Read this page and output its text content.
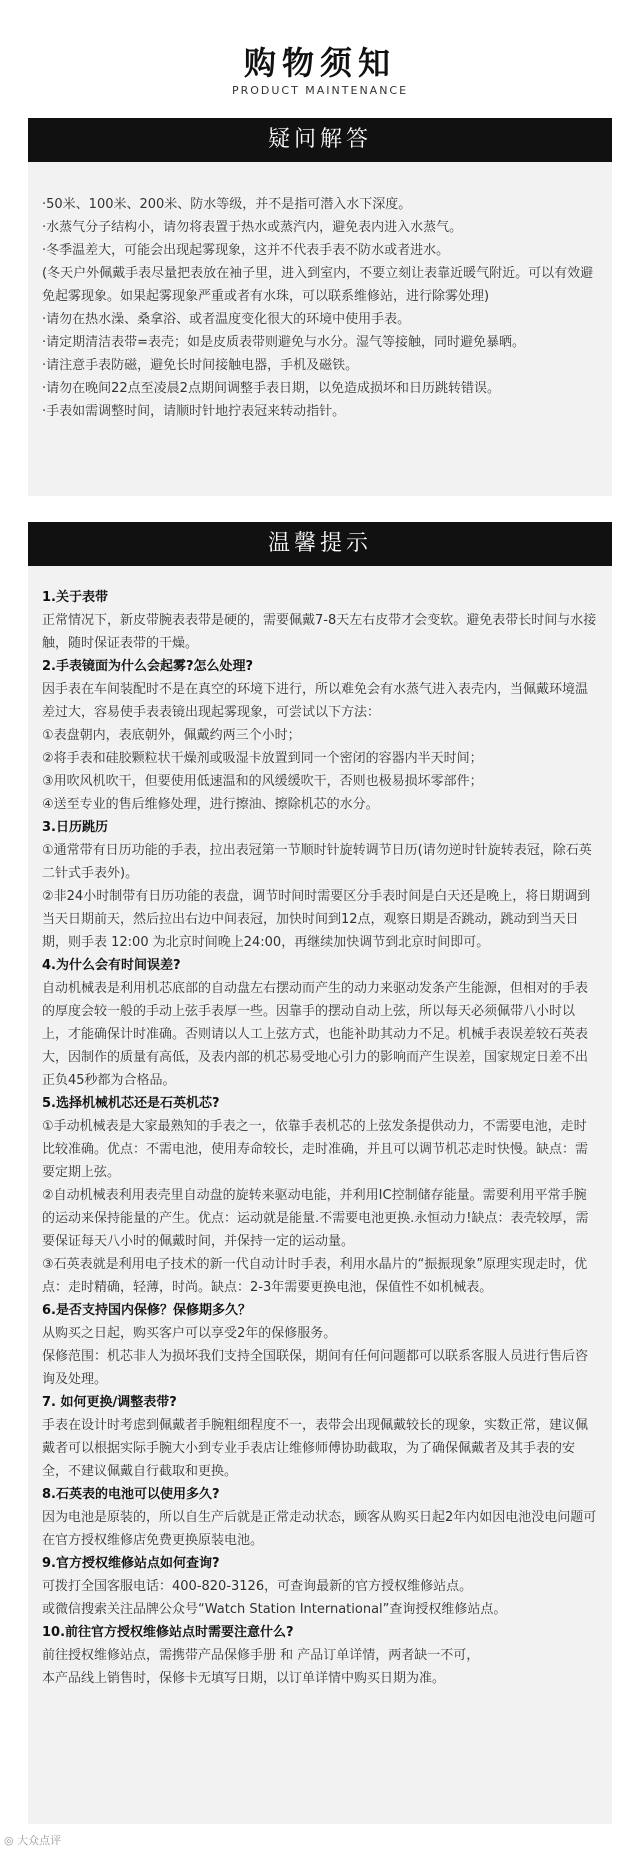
购物须知
PRODUCT MAINTENANCE
疑问解答
·50米、100米、200米、防水等级，并不是指可潜入水下深度。
·水蒸气分子结构小，请勿将表置于热水或蒸汽内，避免表内进入水蒸气。
·冬季温差大，可能会出现起雾现象，这并不代表手表不防水或者进水。
(冬天户外佩戴手表尽量把表放在袖子里，进入到室内，不要立刻让表靠近暖气附近。可以有效避免起雾现象。如果起雾现象严重或者有水珠，可以联系维修站，进行除雾处理)
·请勿在热水澡、桑拿浴、或者温度变化很大的环境中使用手表。
·请定期清洁表带=表壳；如是皮质表带则避免与水分。湿气等接触，同时避免暴晒。
·请注意手表防磁，避免长时间接触电器，手机及磁铁。
·请勿在晚间22点至凌晨2点期间调整手表日期，以免造成损坏和日历跳转错误。
·手表如需调整时间，请顺时针地拧表冠来转动指针。
温馨提示
1.关于表带
正常情况下，新皮带腕表表带是硬的，需要佩戴7-8天左右皮带才会变软。避免表带长时间与水接触，随时保证表带的干燥。
2.手表镜面为什么会起雾?怎么处理?
因手表在车间装配时不是在真空的环境下进行，所以难免会有水蒸气进入表壳内，当佩戴环境温差过大，容易使手表表镜出现起雾现象，可尝试以下方法：
①表盘朝内，表底朝外，佩戴约两三个小时；
②将手表和硅胶颗粒状干燥剂或吸湿卡放置到同一个密闭的容器内半天时间；
③用吹风机吹干，但要使用低速温和的风缓缓吹干，否则也极易损坏零部件；
④送至专业的售后维修处理，进行擦油、擦除机芯的水分。
3.日历跳历
①通常带有日历功能的手表，拉出表冠第一节顺时针旋转调节日历(请勿逆时针旋转表冠，除石英二针式手表外)。
②非24小时制带有日历功能的表盘，调节时间时需要区分手表时间是白天还是晚上，将日期调到当天日期前天，然后拉出右边中间表冠，加快时间到12点，观察日期是否跳动，跳动到当天日期，则手表 12:00 为北京时间晚上24:00，再继续加快调节到北京时间即可。
4.为什么会有时间误差?
自动机械表是利用机芯底部的自动盘左右摆动而产生的动力来驱动发条产生能源，但相对的手表的厚度会较一般的手动上弦手表厚一些。因靠手的摆动自动上弦，所以每天必须佩带八小时以上，才能确保计时准确。否则请以人工上弦方式，也能补助其动力不足。机械手表误差较石英表大，因制作的质量有高低，及表内部的机芯易受地心引力的影响而产生误差，国家规定日差不出正负45秒都为合格品。
5.选择机械机芯还是石英机芯?
①手动机械表是大家最熟知的手表之一，依靠手表机芯的上弦发条提供动力，不需要电池，走时比较准确。优点：不需电池，使用寿命较长，走时准确，并且可以调节机芯走时快慢。缺点：需要定期上弦。
②自动机械表利用表壳里自动盘的旋转来驱动电能，并利用IC控制储存能量。需要利用平常手腕的运动来保持能量的产生。优点：运动就是能量.不需要电池更换.永恒动力!缺点：表壳较厚，需要保证每天八小时的佩戴时间，并保持一定的运动量。
③石英表就是利用电子技术的新一代自动计时手表，利用水晶片的“振振现象”原理实现走时，优点：走时精确，轻薄，时尚。缺点：2-3年需要更换电池，保值性不如机械表。
6.是否支持国内保修？保修期多久？
从购买之日起，购买客户可以享受2年的保修服务。
保修范围：机芯非人为损坏我们支持全国联保，期间有任何问题都可以联系客服人员进行售后咨询及处理。
7. 如何更换/调整表带?
手表在设计时考虑到佩戴者手腕粗细程度不一，表带会出现佩戴较长的现象，实数正常，建议佩戴者可以根据实际手腕大小到专业手表店让维修师傅协助截取，为了确保佩戴者及其手表的安全，不建议佩戴自行截取和更换。
8.石英表的电池可以使用多久?
因为电池是原装的，所以自生产后就是正常走动状态，顾客从购买日起2年内如因电池没电问题可在官方授权维修店免费更换原装电池。
9.官方授权维修站点如何查询?
可拨打全国客服电话：400-820-3126，可查询最新的官方授权维修站点。
或微信搜索关注品牌公众号“Watch Station International”查询授权维修站点。
10.前往官方授权维修站点时需要注意什么?
前往授权维修站点，需携带产品保修手册 和 产品订单详情，两者缺一不可，
本产品线上销售时，保修卡无填写日期，以订单详情中购买日期为准。
◎ 大众点评
